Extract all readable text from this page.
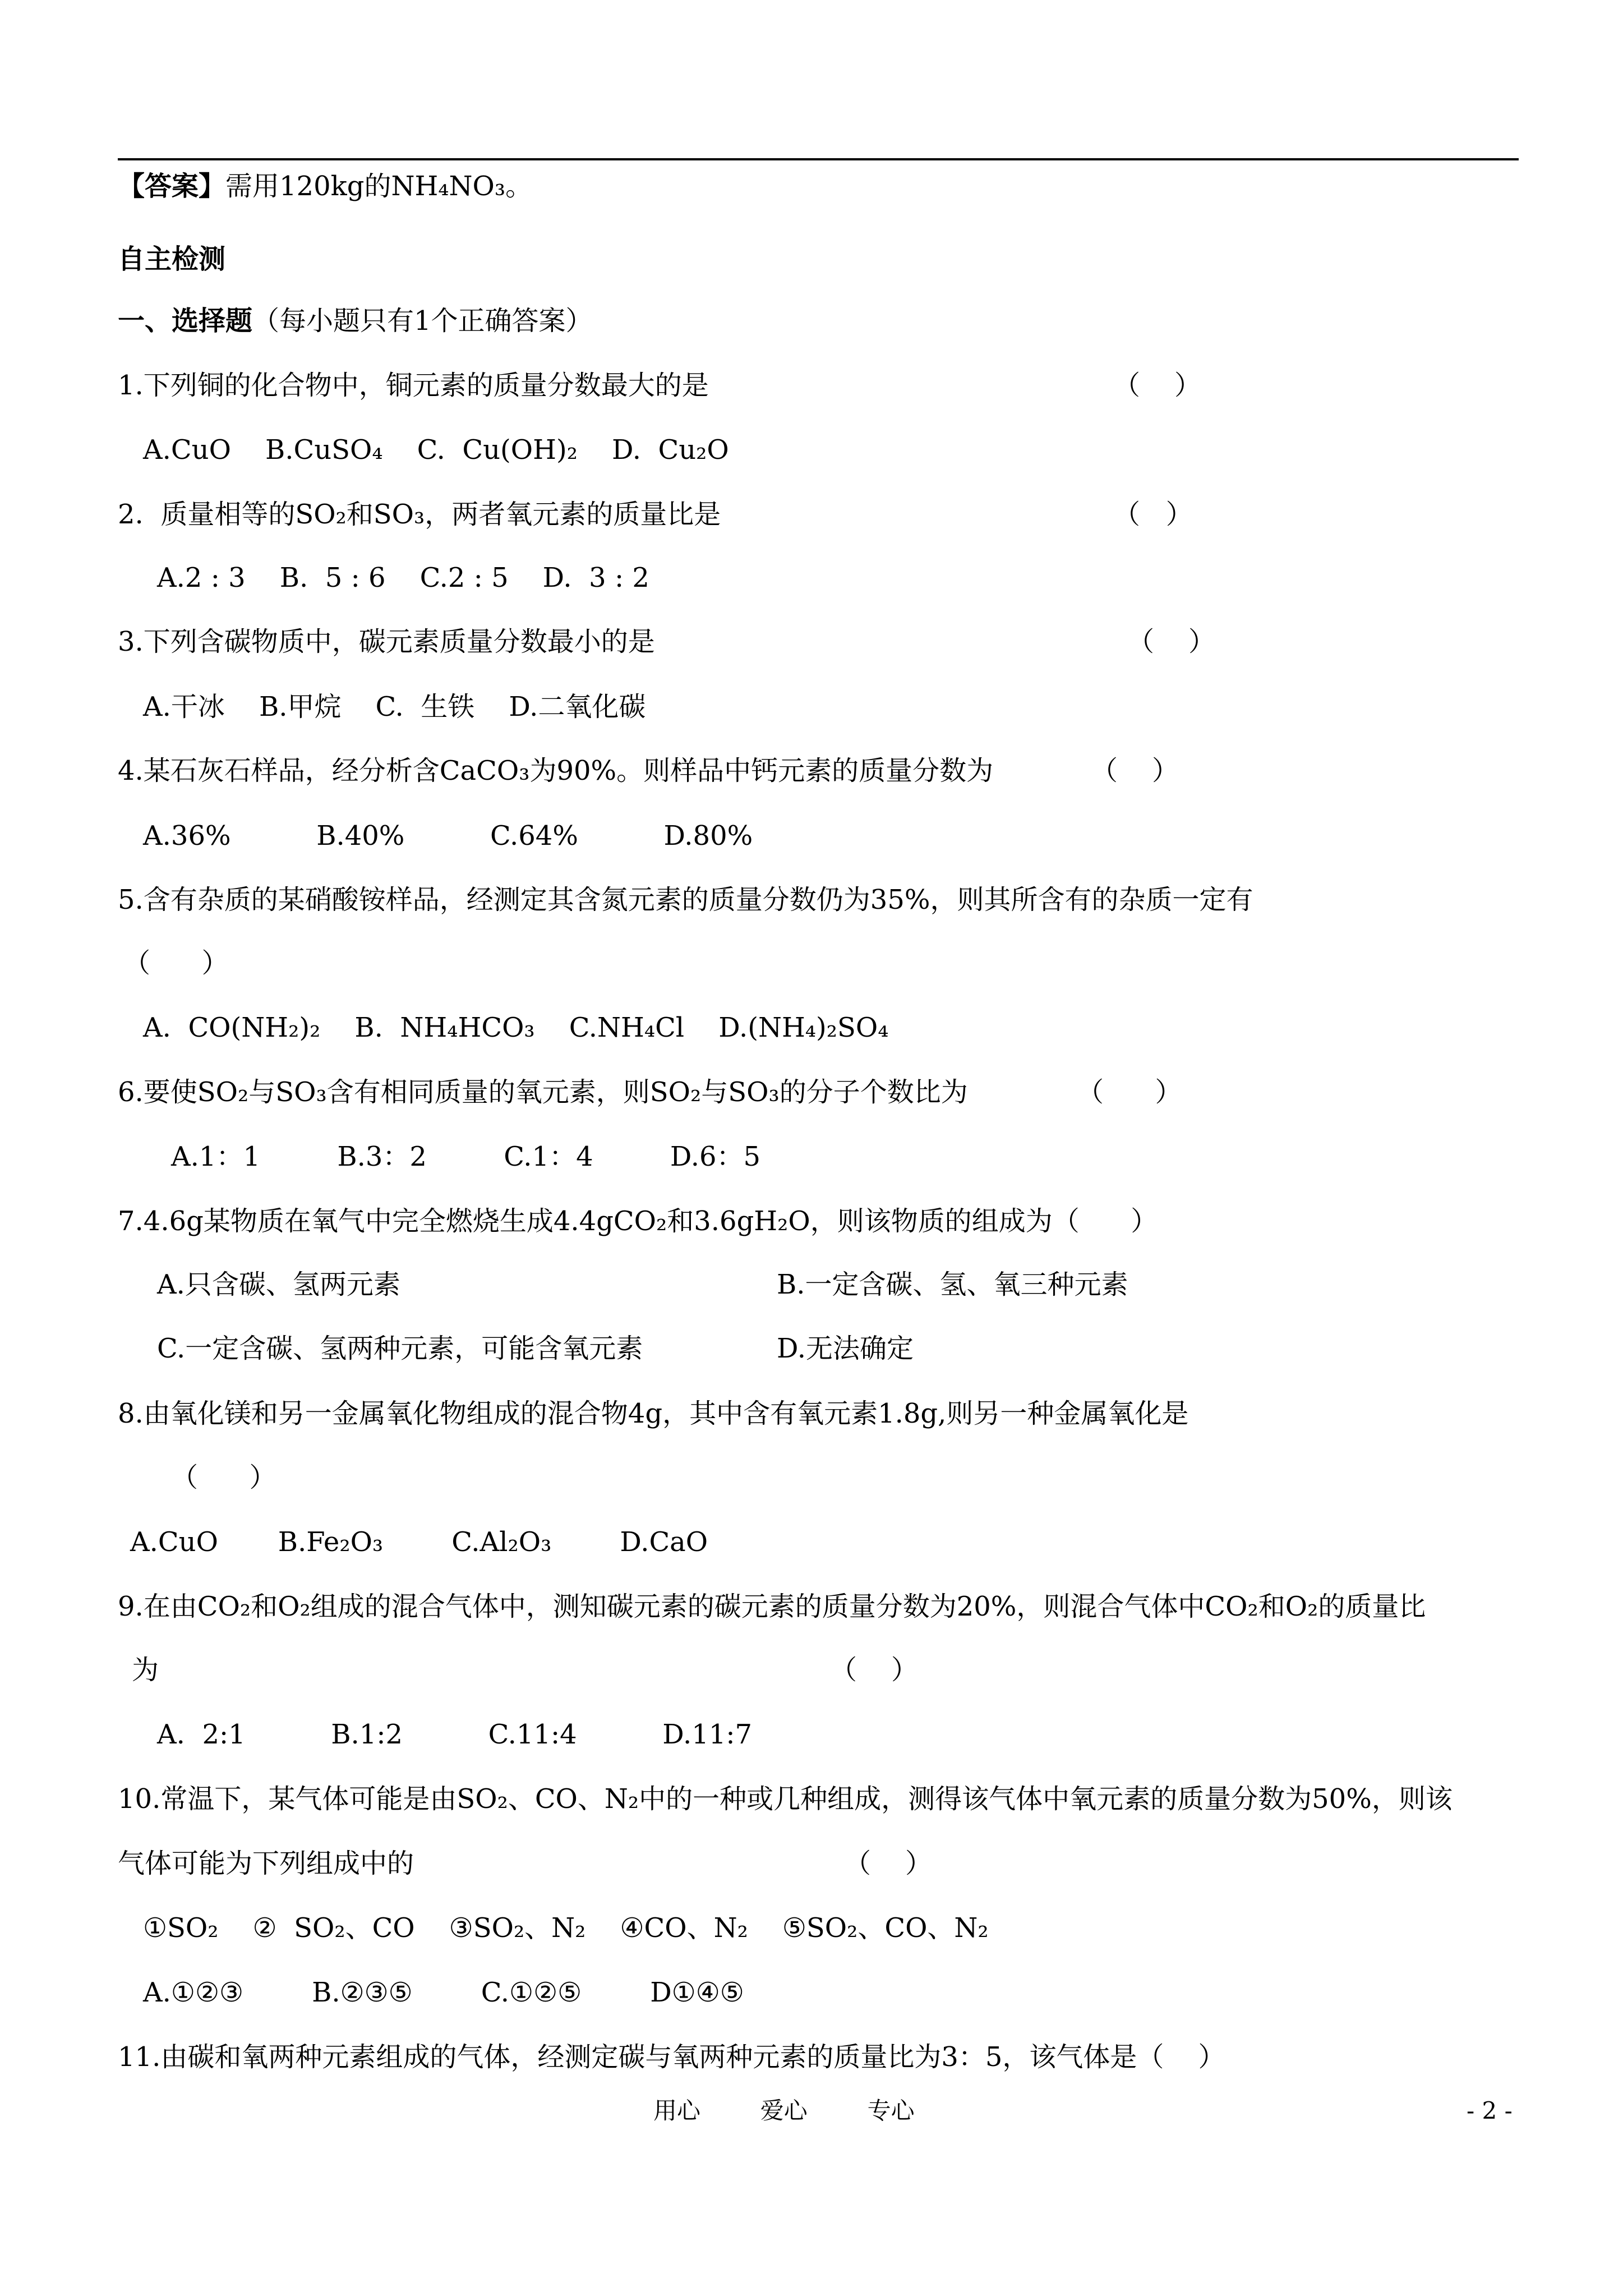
【答案】需用120kg的NH₄NO₃。
自主检测
一、选择题（每小题只有1个正确答案）
1.下列铜的化合物中，铜元素的质量分数最大的是	（    ）
A.CuO    B.CuSO₄    C.  Cu(OH)₂    D.  Cu₂O
2.  质量相等的SO₂和SO₃，两者氧元素的质量比是	（   ）
A.2 : 3    B.  5 : 6    C.2 : 5    D.  3 : 2
3.下列含碳物质中，碳元素质量分数最小的是	（    ）
A.干冰    B.甲烷    C.  生铁    D.二氧化碳
4.某石灰石样品，经分析含CaCO₃为90%。则样品中钙元素的质量分数为	（    ）
A.36%          B.40%          C.64%          D.80%
5.含有杂质的某硝酸铵样品，经测定其含氮元素的质量分数仍为35%，则其所含有的杂质一定有
（      ）
A.  CO(NH₂)₂    B.  NH₄HCO₃    C.NH₄Cl    D.(NH₄)₂SO₄
6.要使SO₂与SO₃含有相同质量的氧元素，则SO₂与SO₃的分子个数比为	（      ）
A.1：1         B.3：2         C.1：4         D.6：5
7.4.6g某物质在氧气中完全燃烧生成4.4gCO₂和3.6gH₂O，则该物质的组成为（      ）
A.只含碳、氢两元素	B.一定含碳、氢、氧三种元素
C.一定含碳、氢两种元素，可能含氧元素	D.无法确定
8.由氧化镁和另一金属氧化物组成的混合物4g，其中含有氧元素1.8g,则另一种金属氧化是
（      ）
A.CuO       B.Fe₂O₃        C.Al₂O₃        D.CaO
9.在由CO₂和O₂组成的混合气体中，测知碳元素的碳元素的质量分数为20%，则混合气体中CO₂和O₂的质量比
为	（    ）
A.  2:1          B.1:2          C.11:4          D.11:7
10.常温下，某气体可能是由SO₂、CO、N₂中的一种或几种组成，测得该气体中氧元素的质量分数为50%，则该
气体可能为下列组成中的	（    ）
①SO₂    ②  SO₂、CO    ③SO₂、N₂    ④CO、N₂    ⑤SO₂、CO、N₂
A.①②③        B.②③⑤        C.①②⑤        D①④⑤
11.由碳和氧两种元素组成的气体，经测定碳与氧两种元素的质量比为3：5，该气体是（    ）
用心        爱心        专心	- 2 -
